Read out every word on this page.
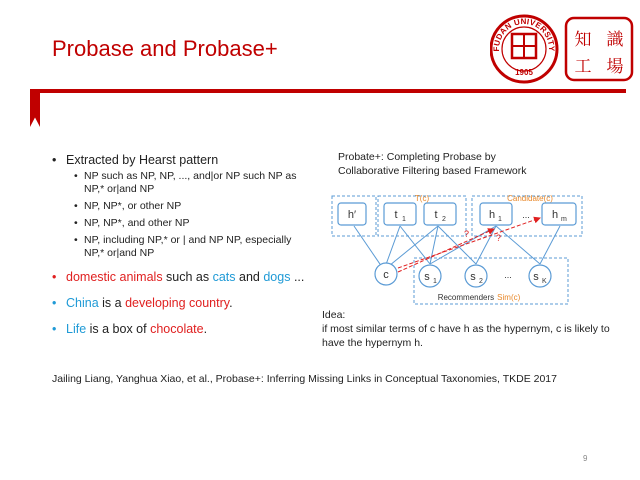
Probase and Probase+	FUDAN UNIVERSITY
1905
知 識
工 場
• Extracted by Hearst pattern
• NP such as NP, NP, ..., and|or NP such NP as NP,* or|and NP
• NP, NP*, or other NP
• NP, NP*, and other NP
• NP, including NP,* or | and NP NP, especially NP,* or|and NP
• domestic animals such as cats and dogs ...
• China is a developing country.
• Life is a box of chocolate.
Probate+: Completing Probase by
Collaborative Filtering based Framework
T(c)	Candidate(c)
?	?
h′	t 1	t 2	h 1 ... h m
c	s 1	s 2
... s K
Recommenders Sim(c)
Idea:
if most similar terms of c have h as the hypernym, c is likely to have the hypernym h.
Jailing Liang, Yanghua Xiao, et al., Probase+: Inferring Missing Links in Conceptual Taxonomies, TKDE 2017
9
